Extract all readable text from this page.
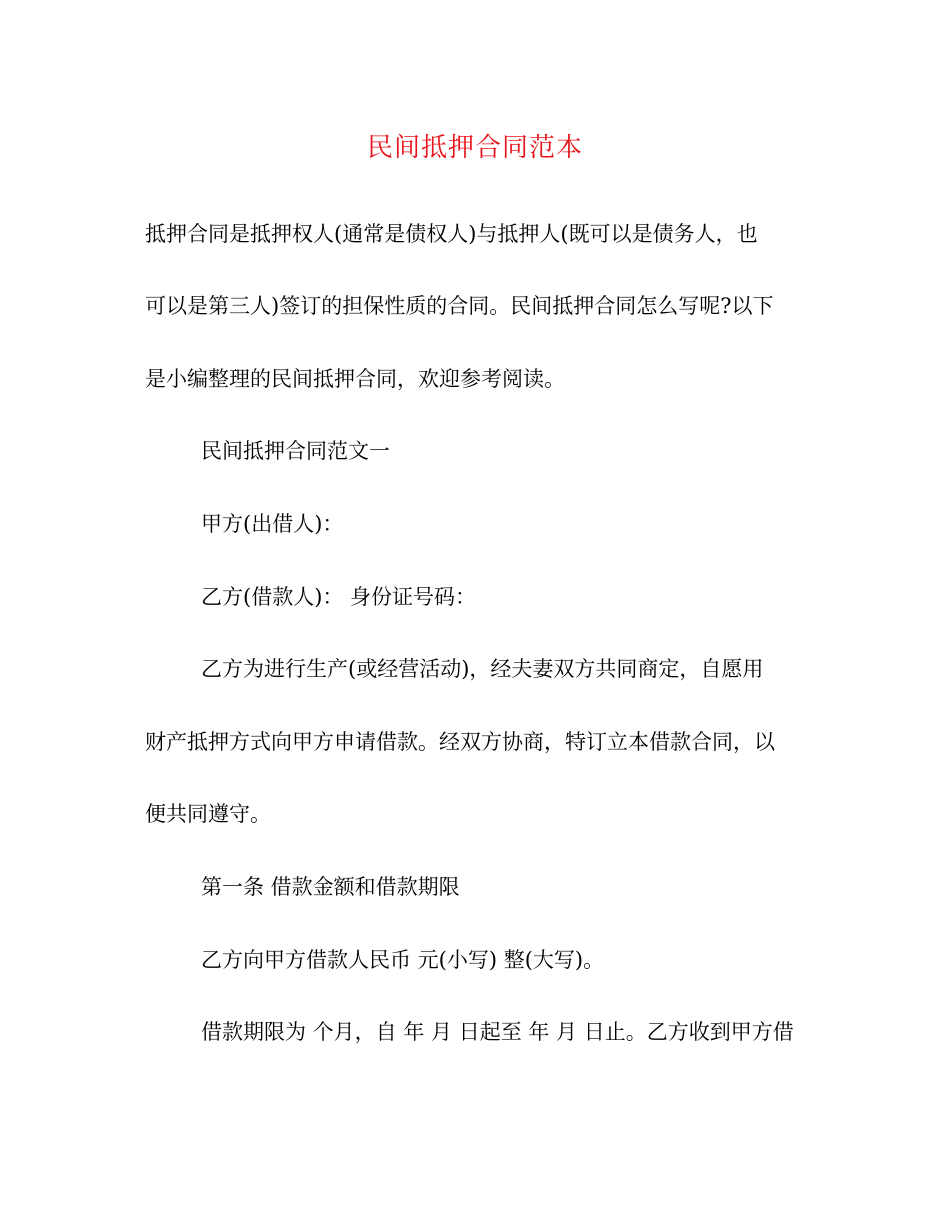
民间抵押合同范本
抵押合同是抵押权人(通常是债权人)与抵押人(既可以是债务人，也
可以是第三人)签订的担保性质的合同。民间抵押合同怎么写呢?以下
是小编整理的民间抵押合同，欢迎参考阅读。
民间抵押合同范文一
甲方(出借人)：
乙方(借款人)： 身份证号码：
乙方为进行生产(或经营活动)，经夫妻双方共同商定，自愿用
财产抵押方式向甲方申请借款。经双方协商，特订立本借款合同，以
便共同遵守。
第一条 借款金额和借款期限
乙方向甲方借款人民币 元(小写) 整(大写)。
借款期限为 个月，自 年 月 日起至 年 月 日止。乙方收到甲方借
